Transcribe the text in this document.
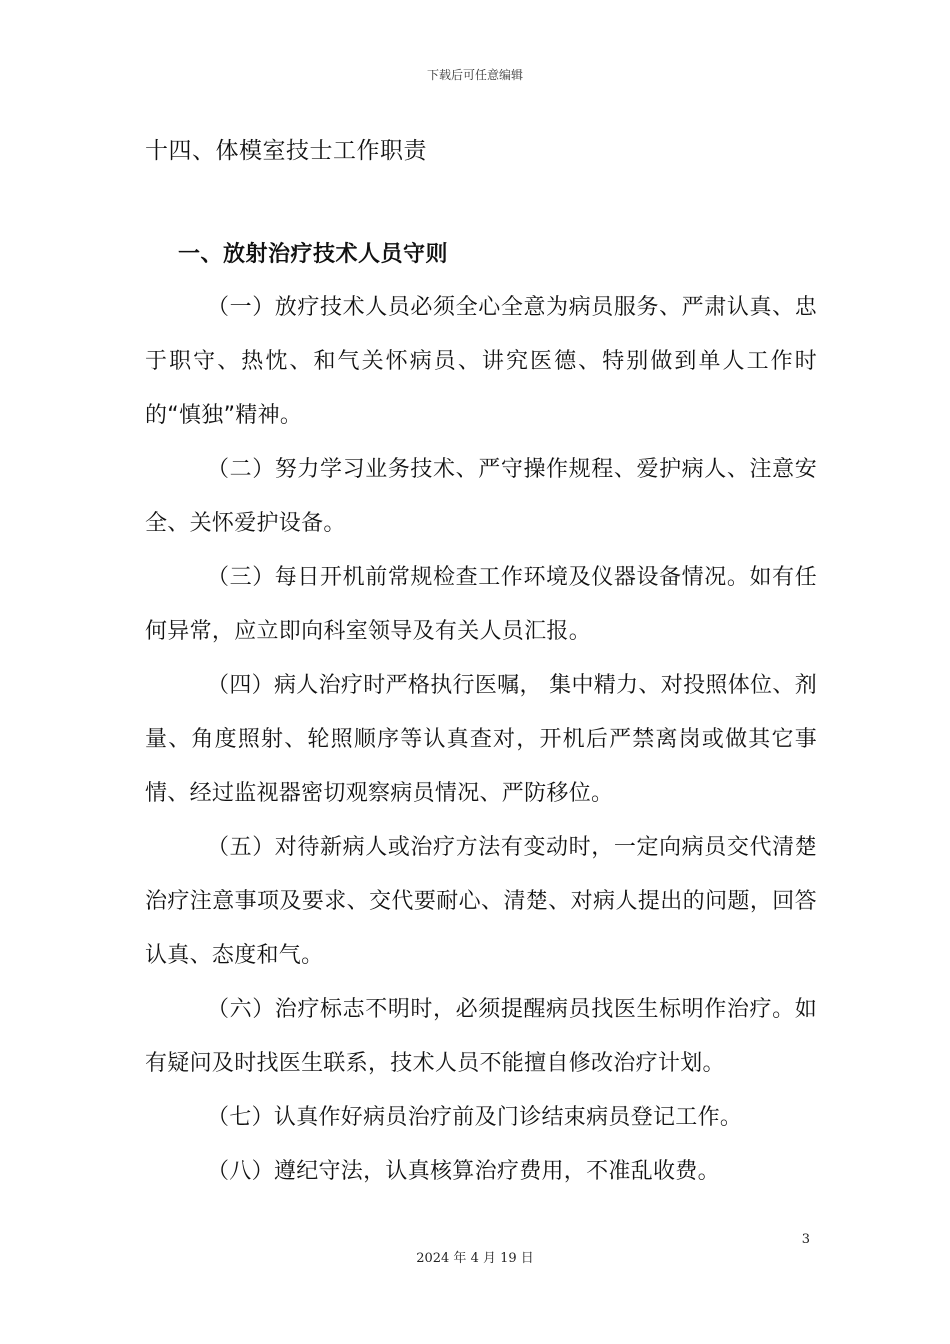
下载后可任意编辑
十四、体模室技士工作职责
一、放射治疗技术人员守则

（一）放疗技术人员必须全心全意为病员服务、严肃认真、忠于职守、热忱、和气关怀病员、讲究医德、特别做到单人工作时的“慎独”精神。

（二）努力学习业务技术、严守操作规程、爱护病人、注意安全、关怀爱护设备。

（三）每日开机前常规检查工作环境及仪器设备情况。如有任何异常，应立即向科室领导及有关人员汇报。

（四）病人治疗时严格执行医嘱， 集中精力、对投照体位、剂量、角度照射、轮照顺序等认真查对，开机后严禁离岗或做其它事情、经过监视器密切观察病员情况、严防移位。

（五）对待新病人或治疗方法有变动时，一定向病员交代清楚治疗注意事项及要求、交代要耐心、清楚、对病人提出的问题，回答认真、态度和气。

（六）治疗标志不明时，必须提醒病员找医生标明作治疗。如有疑问及时找医生联系，技术人员不能擅自修改治疗计划。

（七）认真作好病员治疗前及门诊结束病员登记工作。

（八）遵纪守法，认真核算治疗费用，不准乱收费。

3
2024 年 4 月 19 日
